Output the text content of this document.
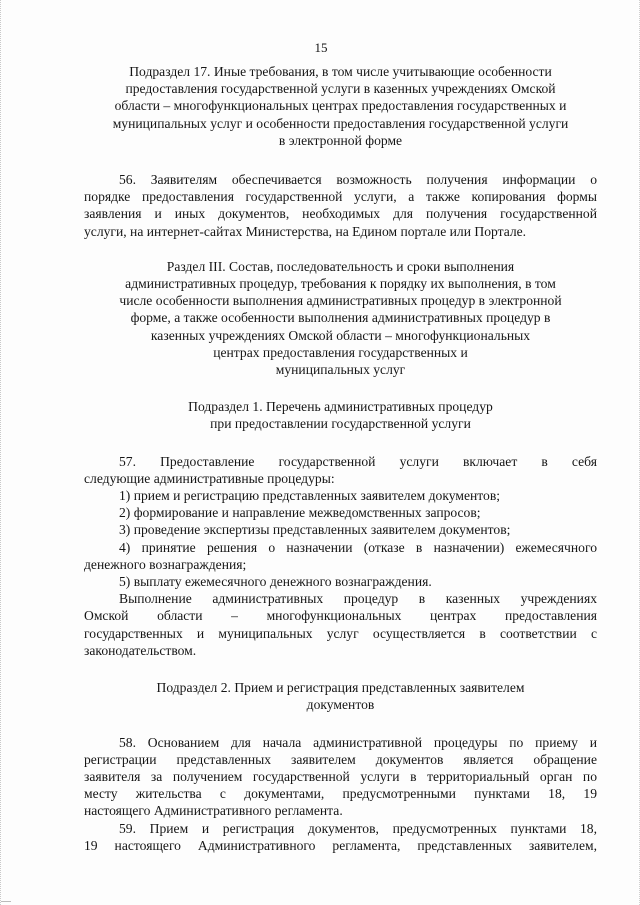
15
Подраздел 17. Иные требования, в том числе учитывающие особенности
предоставления государственной услуги в казенных учреждениях Омской
области – многофункциональных центрах предоставления государственных и
муниципальных услуг и особенности предоставления государственной услуги
в электронной форме
56. Заявителям обеспечивается возможность получения информации о
порядке предоставления государственной услуги, а также копирования формы
заявления и иных документов, необходимых для получения государственной
услуги, на интернет-сайтах Министерства, на Едином портале или Портале.
Раздел III. Состав, последовательность и сроки выполнения
административных процедур, требования к порядку их выполнения, в том
числе особенности выполнения административных процедур в электронной
форме, а также особенности выполнения административных процедур в
казенных учреждениях Омской области – многофункциональных
центрах предоставления государственных и
муниципальных услуг
Подраздел 1. Перечень административных процедур
при предоставлении государственной услуги
57. Предоставление государственной услуги включает в себя
следующие административные процедуры:
1) прием и регистрацию представленных заявителем документов;
2) формирование и направление межведомственных запросов;
3) проведение экспертизы представленных заявителем документов;
4) принятие решения о назначении (отказе в назначении) ежемесячного
денежного вознаграждения;
5) выплату ежемесячного денежного вознаграждения.
Выполнение административных процедур в казенных учреждениях
Омской области – многофункциональных центрах предоставления
государственных и муниципальных услуг осуществляется в соответствии с
законодательством.
Подраздел 2. Прием и регистрация представленных заявителем
документов
58. Основанием для начала административной процедуры по приему и
регистрации представленных заявителем документов является обращение
заявителя за получением государственной услуги в территориальный орган по
месту жительства с документами, предусмотренными пунктами 18, 19
настоящего Административного регламента.
59. Прием и регистрация документов, предусмотренных пунктами 18,
19 настоящего Административного регламента, представленных заявителем,
